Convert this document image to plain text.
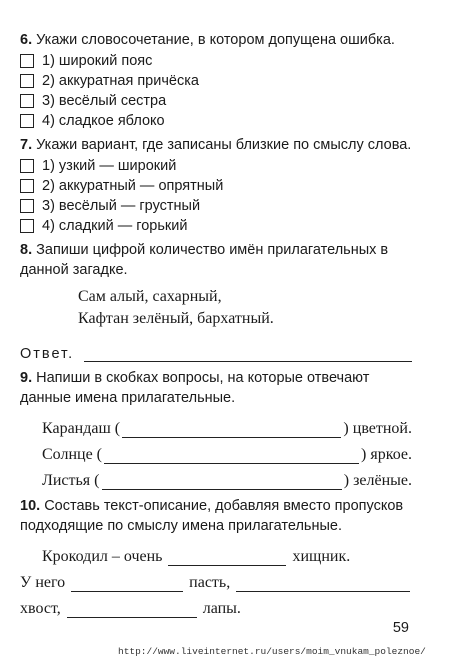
6. Укажи словосочетание, в котором допущена ошибка.
1) широкий пояс
2) аккуратная причёска
3) весёлый сестра
4) сладкое яблоко
7. Укажи вариант, где записаны близкие по смыслу слова.
1) узкий — широкий
2) аккуратный — опрятный
3) весёлый — грустный
4) сладкий — горький
8. Запиши цифрой количество имён прилагательных в данной загадке.
Сам алый, сахарный,
Кафтан зелёный, бархатный.
Ответ.
9. Напиши в скобках вопросы, на которые отвечают данные имена прилагательные.
Карандаш (	) цветной.
Солнце (	) яркое.
Листья (	) зелёные.
10. Составь текст-описание, добавляя вместо пропусков подходящие по смыслу имена прилагательные.
Крокодил – очень	хищник.
У него	пасть,
хвост,	лапы.
59
http://www.liveinternet.ru/users/moim_vnukam_poleznoe/
